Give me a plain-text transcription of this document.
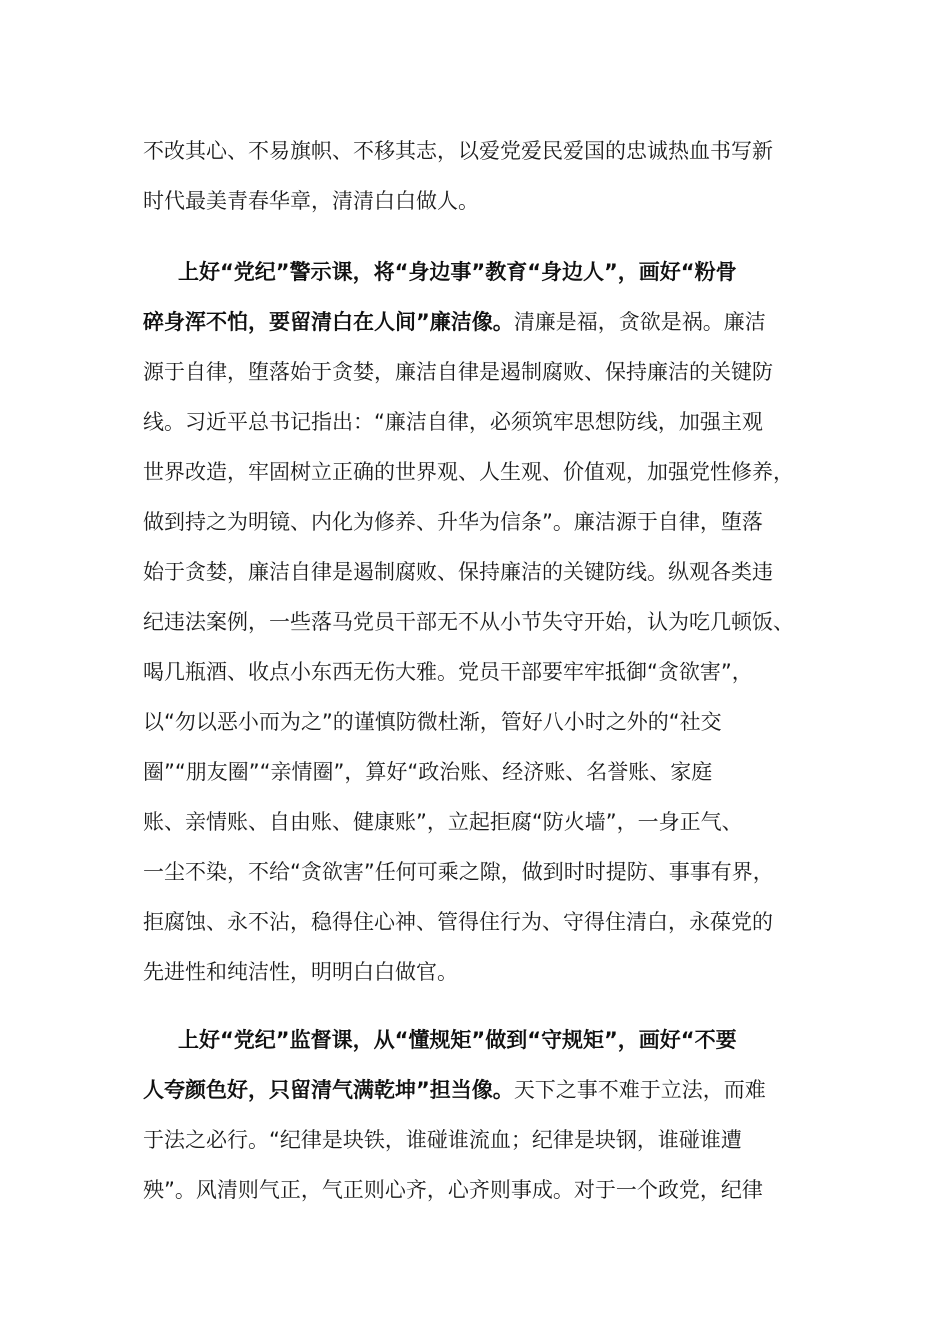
不改其心、不易旗帜、不移其志，以爱党爱民爱国的忠诚热血书写新
时代最美青春华章，清清白白做人。
上好“党纪”警示课，将“身边事”教育“身边人”，画好“粉骨
碎身浑不怕，要留清白在人间”廉洁像。清廉是福，贪欲是祸。廉洁
源于自律，堕落始于贪婪，廉洁自律是遏制腐败、保持廉洁的关键防
线。习近平总书记指出：“廉洁自律，必须筑牢思想防线，加强主观
世界改造，牢固树立正确的世界观、人生观、价值观，加强党性修养，
做到持之为明镜、内化为修养、升华为信条”。廉洁源于自律，堕落
始于贪婪，廉洁自律是遏制腐败、保持廉洁的关键防线。纵观各类违
纪违法案例，一些落马党员干部无不从小节失守开始，认为吃几顿饭、
喝几瓶酒、收点小东西无伤大雅。党员干部要牢牢抵御“贪欲害”，
以“勿以恶小而为之”的谨慎防微杜渐，管好八小时之外的“社交
圈”“朋友圈”“亲情圈”，算好“政治账、经济账、名誉账、家庭
账、亲情账、自由账、健康账”，立起拒腐“防火墙”，一身正气、
一尘不染，不给“贪欲害”任何可乘之隙，做到时时提防、事事有界，
拒腐蚀、永不沾，稳得住心神、管得住行为、守得住清白，永葆党的
先进性和纯洁性，明明白白做官。
上好“党纪”监督课，从“懂规矩”做到“守规矩”，画好“不要
人夸颜色好，只留清气满乾坤”担当像。天下之事不难于立法，而难
于法之必行。“纪律是块铁，谁碰谁流血；纪律是块钢，谁碰谁遭
殃”。风清则气正，气正则心齐，心齐则事成。对于一个政党，纪律
